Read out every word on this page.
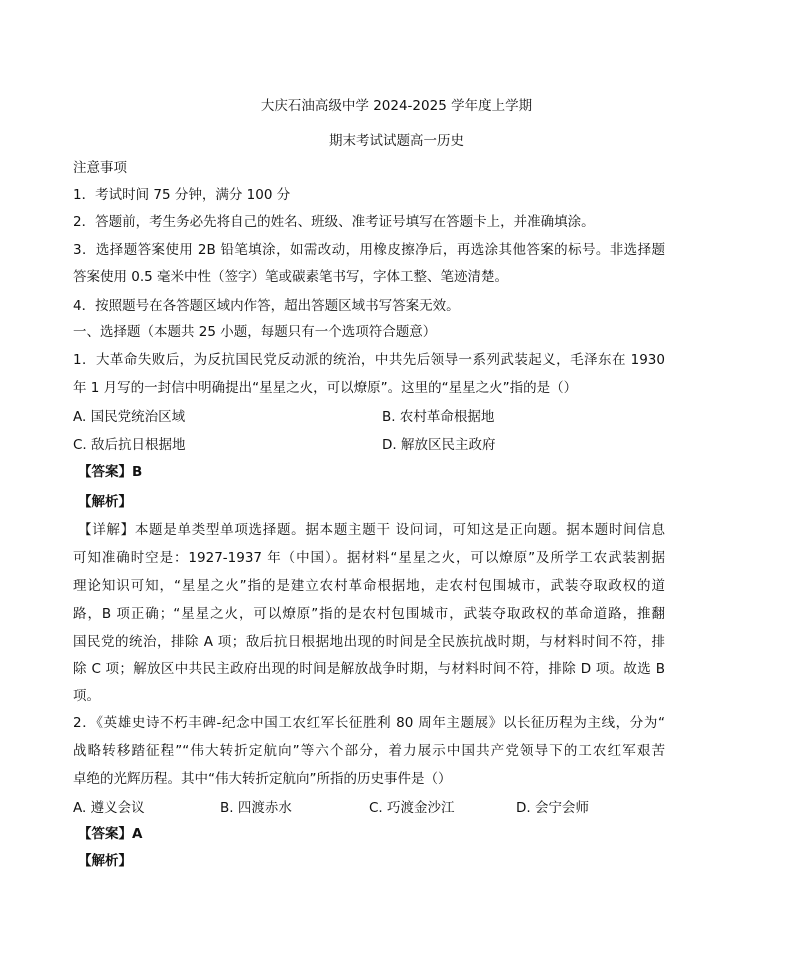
大庆石油高级中学 2024-2025 学年度上学期
期末考试试题高一历史
注意事项
1．考试时间 75 分钟，满分 100 分
2．答题前，考生务必先将自己的姓名、班级、准考证号填写在答题卡上，并准确填涂。
3．选择题答案使用 2B 铅笔填涂，如需改动，用橡皮擦净后，再选涂其他答案的标号。非选择题
答案使用 0.5 毫米中性（签字）笔或碳素笔书写，字体工整、笔迹清楚。
4．按照题号在各答题区域内作答，超出答题区域书写答案无效。
一、选择题（本题共 25 小题，每题只有一个选项符合题意）
1．大革命失败后，为反抗国民党反动派的统治，中共先后领导一系列武装起义，毛泽东在 1930
年 1 月写的一封信中明确提出“星星之火，可以燎原”。这里的“星星之火”指的是（）
A. 国民党统治区域	B. 农村革命根据地
C. 敌后抗日根据地	D. 解放区民主政府
【答案】B
【解析】
【详解】本题是单类型单项选择题。据本题主题干 设问词，可知这是正向题。据本题时间信息
可知准确时空是：1927-1937 年（中国）。据材料“星星之火，可以燎原”及所学工农武装割据
理论知识可知，“星星之火”指的是建立农村革命根据地，走农村包围城市，武装夺取政权的道
路，B 项正确；“星星之火，可以燎原”指的是农村包围城市，武装夺取政权的革命道路，推翻
国民党的统治，排除 A 项；敌后抗日根据地出现的时间是全民族抗战时期，与材料时间不符，排
除 C 项；解放区中共民主政府出现的时间是解放战争时期，与材料时间不符，排除 D 项。故选 B
项。
2．《英雄史诗不朽丰碑-纪念中国工农红军长征胜利 80 周年主题展》以长征历程为主线，分为“
战略转移踏征程”“伟大转折定航向”等六个部分，着力展示中国共产党领导下的工农红军艰苦
卓绝的光辉历程。其中“伟大转折定航向”所指的历史事件是（）
A. 遵义会议	B. 四渡赤水	C. 巧渡金沙江	D. 会宁会师
【答案】A
【解析】
